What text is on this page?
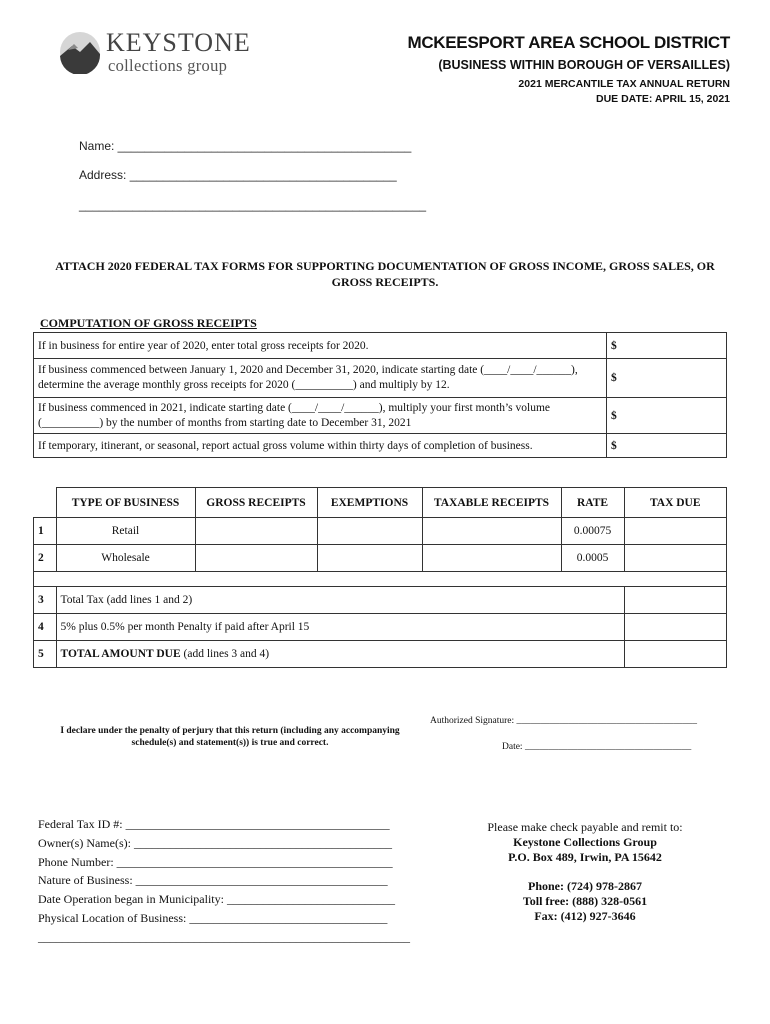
KEYSTONE
collections group
MCKEESPORT AREA SCHOOL DISTRICT
(BUSINESS WITHIN BOROUGH OF VERSAILLES)
2021 MERCANTILE TAX ANNUAL RETURN
DUE DATE: APRIL 15, 2021
Name: ____________________________________________
Address: ________________________________________
____________________________________________________
ATTACH 2020 FEDERAL TAX FORMS FOR SUPPORTING DOCUMENTATION OF GROSS INCOME, GROSS SALES, OR GROSS RECEIPTS.
COMPUTATION OF GROSS RECEIPTS
If in business for entire year of 2020, enter total gross receipts for 2020.	$
If business commenced between January 1, 2020 and December 31, 2020, indicate starting date (____/____/______), determine the average monthly gross receipts for 2020 (__________) and multiply by 12.	$
If business commenced in 2021, indicate starting date (____/____/______), multiply your first month’s volume (__________) by the number of months from starting date to December 31, 2021	$
If temporary, itinerant, or seasonal, report actual gross volume within thirty days of completion of business.	$
	TYPE OF BUSINESS	GROSS RECEIPTS	EXEMPTIONS	TAXABLE RECEIPTS	RATE	TAX DUE
1	Retail				0.00075	
2	Wholesale				0.0005	

3	Total Tax (add lines 1 and 2)					
4	5% plus 0.5% per month Penalty if paid after April 15					
5	TOTAL AMOUNT DUE (add lines 3 and 4)					
I declare under the penalty of perjury that this return (including any accompanying schedule(s) and statement(s)) is true and correct.
Authorized Signature: ______________________________________
Date: ___________________________________
Federal Tax ID #: ____________________________________________
Owner(s) Name(s): ___________________________________________
Phone Number: ______________________________________________
Nature of Business: __________________________________________
Date Operation began in Municipality: ____________________________
Physical Location of Business: _________________________________
______________________________________________________________
Please make check payable and remit to:
Keystone Collections Group
P.O. Box 489, Irwin, PA 15642
Phone: (724) 978-2867
Toll free: (888) 328-0561
Fax: (412) 927-3646
